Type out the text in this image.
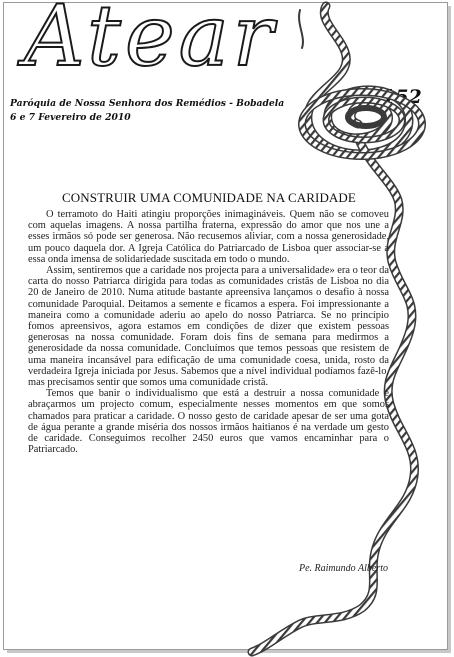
Atear

Paróquia de Nossa Senhora dos Remédios - Bobadela

6 e 7 Fevereiro de 2010

152

CONSTRUIR UMA COMUNIDADE NA CARIDADE

O terramoto do Haiti atingiu proporções inimagináveis. Quem não se comoveu com aquelas imagens. A nossa partilha fraterna, expressão do amor que nos une a esses irmãos só pode ser generosa. Não recusemos aliviar, com a nossa generosidade, um pouco daquela dor. A Igreja Católica do Patriarcado de Lisboa quer associar-se a essa onda imensa de solidariedade suscitada em todo o mundo.

Assim, sentiremos que a caridade nos projecta para a universalidade» era o teor da carta do nosso Patriarca dirigida para todas as comunidades cristãs de Lisboa no dia 20 de Janeiro de 2010. Numa atitude bastante apreensiva lançamos o desafio à nossa comunidade Paroquial. Deitamos a semente e ficamos a espera. Foi impressionante a maneira como a comunidade aderiu ao apelo do nosso Patriarca. Se no princípio fomos apreensivos, agora estamos em condições de dizer que existem pessoas generosas na nossa comunidade. Foram dois fins de semana para medirmos a generosidade da nossa comunidade. Concluímos que temos pessoas que resistem de uma maneira incansável para edificação de uma comunidade coesa, unida, rosto da verdadeira Igreja iniciada por Jesus. Sabemos que a nível individual podíamos fazê-lo, mas precisamos sentir que somos uma comunidade cristã.

Temos que banir o individualismo que está a destruir a nossa comunidade e abraçarmos um projecto comum, especialmente nesses momentos em que somos chamados para praticar a caridade. O nosso gesto de caridade apesar de ser uma gota de água perante a grande miséria dos nossos irmãos haitianos é na verdade um gesto de caridade. Conseguimos recolher 2450 euros que vamos encaminhar para o Patriarcado.

Pe. Raimundo Alberto
